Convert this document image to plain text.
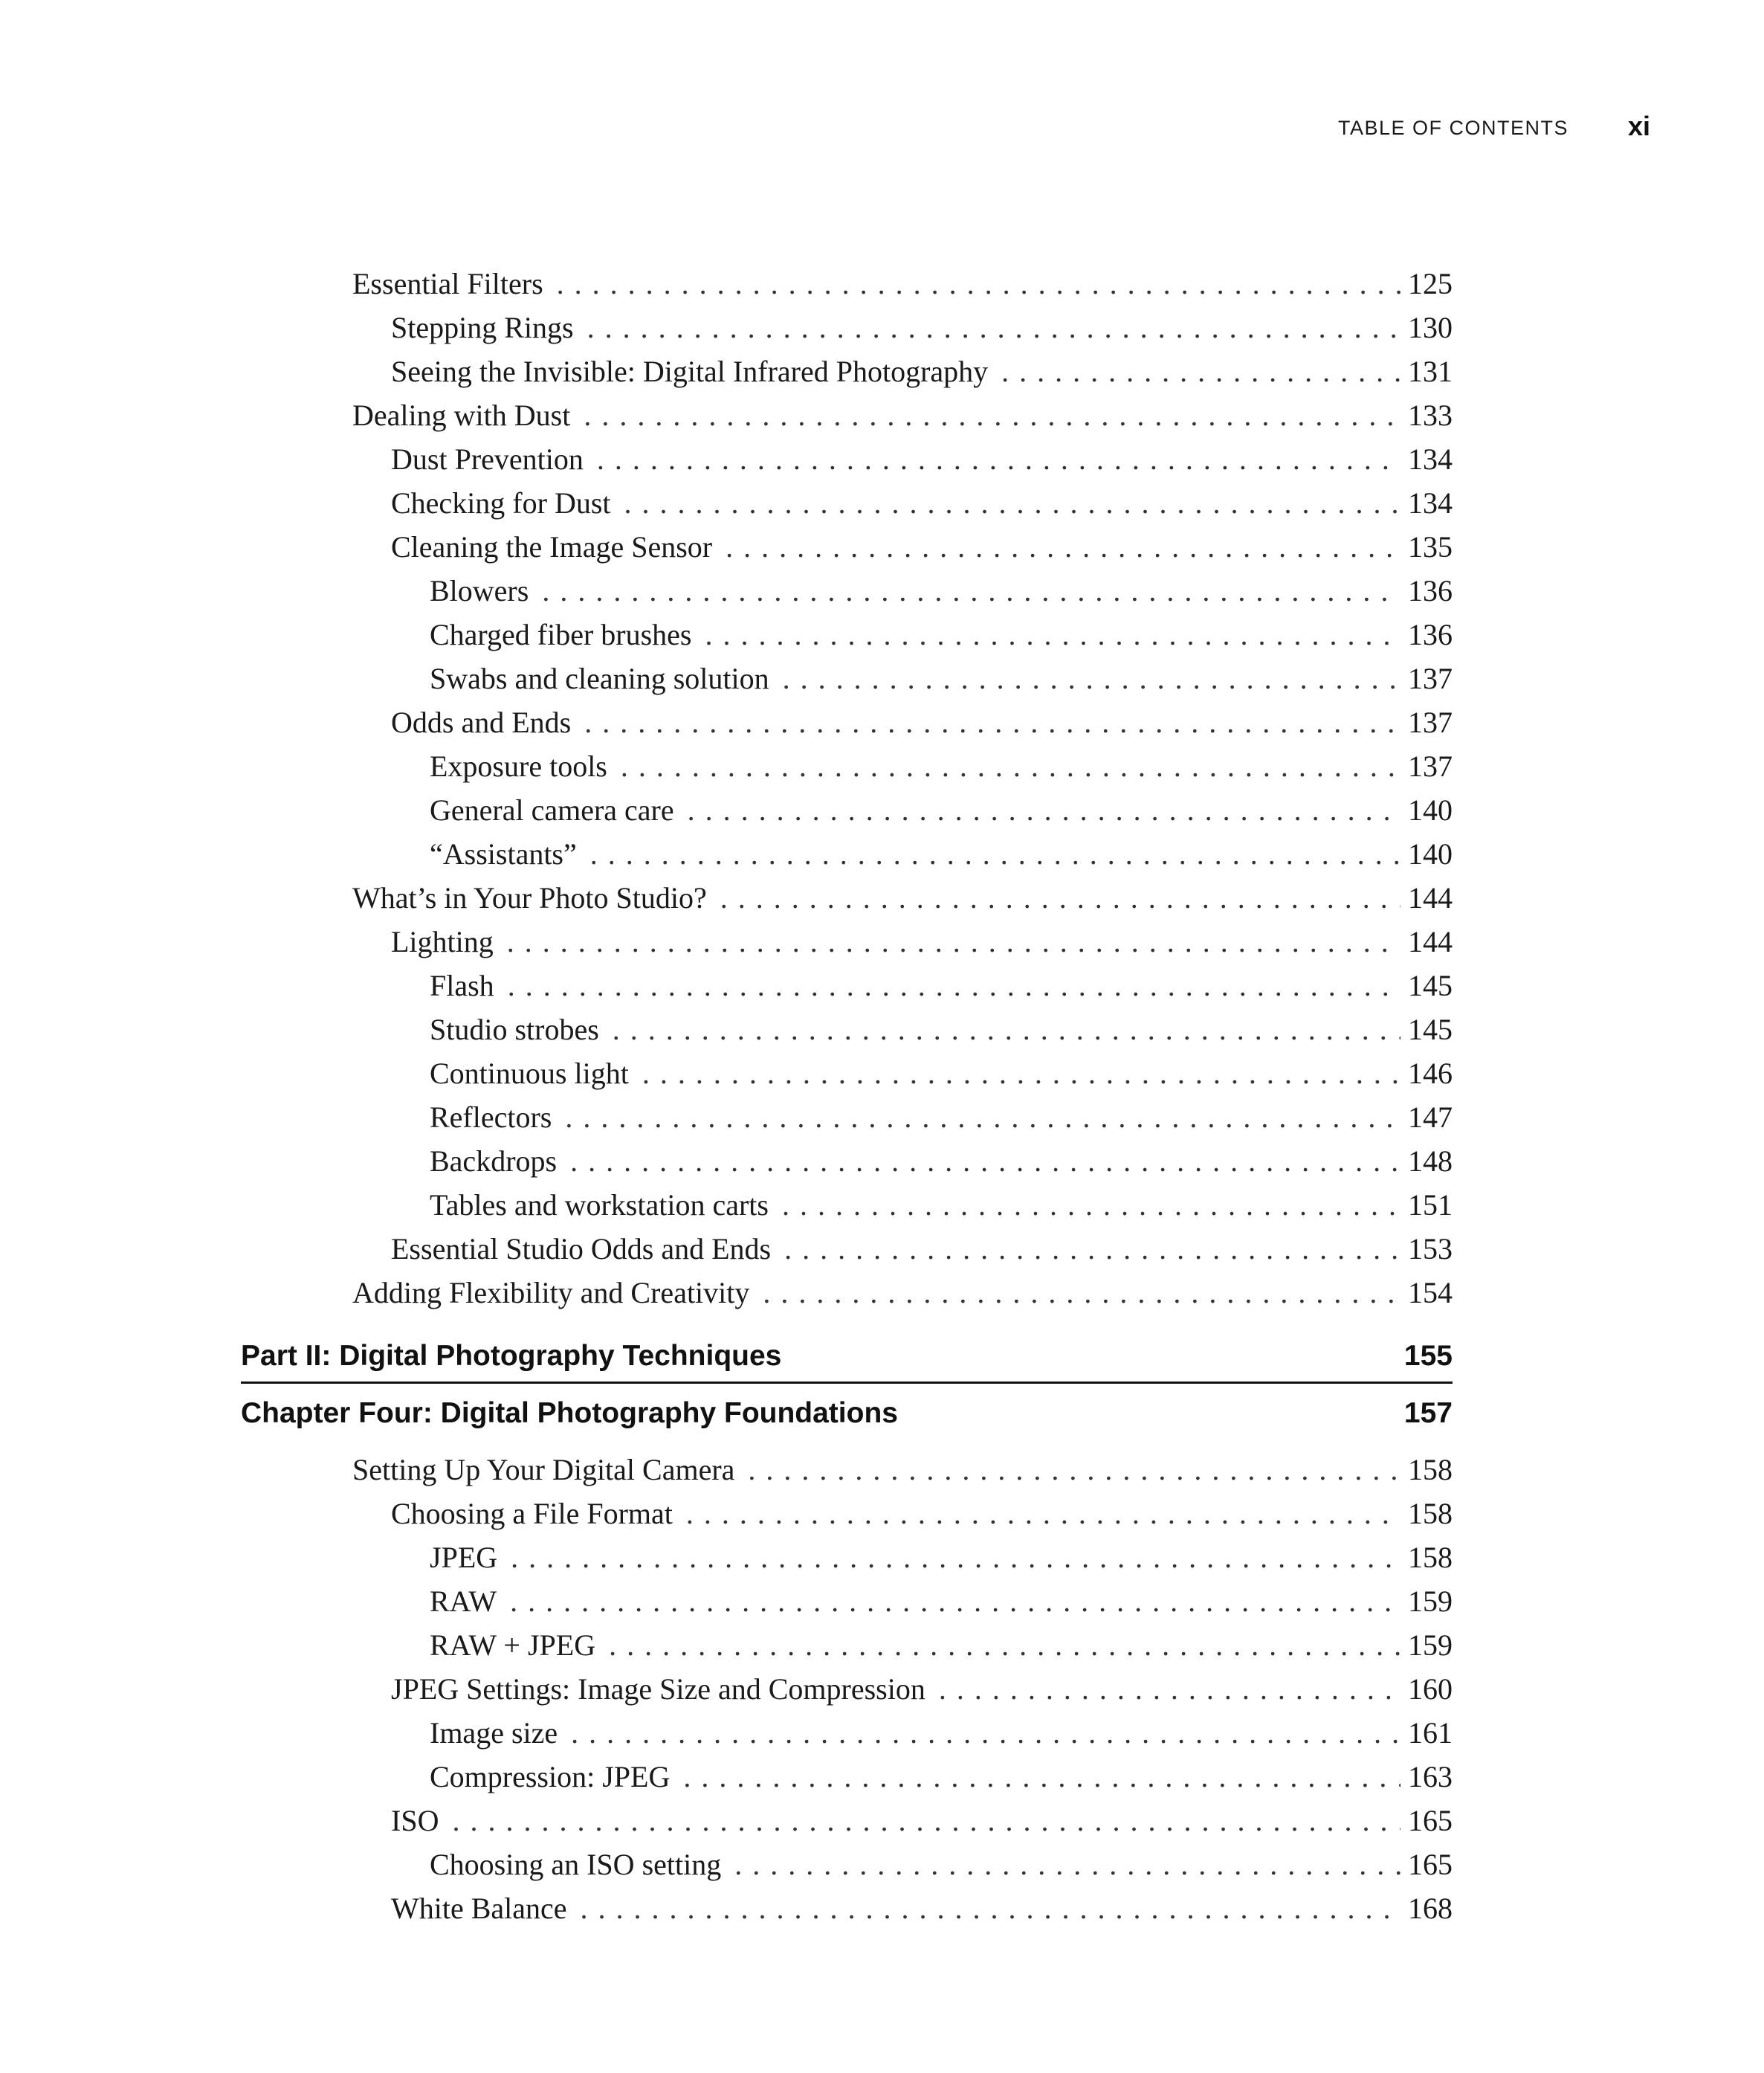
TABLE OF CONTENTS xi
Essential Filters . . .	125
Stepping Rings . . .	130
Seeing the Invisible: Digital Infrared Photography . . .	131
Dealing with Dust . . .	133
Dust Prevention . . .	134
Checking for Dust . . .	134
Cleaning the Image Sensor . . .	135
Blowers . . .	136
Charged fiber brushes . . .	136
Swabs and cleaning solution . . .	137
Odds and Ends . . .	137
Exposure tools . . .	137
General camera care . . .	140
“Assistants” . . .	140
What’s in Your Photo Studio? . . .	144
Lighting . . .	144
Flash . . .	145
Studio strobes . . .	145
Continuous light . . .	146
Reflectors . . .	147
Backdrops . . .	148
Tables and workstation carts . . .	151
Essential Studio Odds and Ends . . .	153
Adding Flexibility and Creativity . . .	154
Part II: Digital Photography Techniques	155
Chapter Four: Digital Photography Foundations	157
Setting Up Your Digital Camera . . .	158
Choosing a File Format . . .	158
JPEG . . .	158
RAW . . .	159
RAW + JPEG . . .	159
JPEG Settings: Image Size and Compression . . .	160
Image size . . .	161
Compression: JPEG . . .	163
ISO . . .	165
Choosing an ISO setting . . .	165
White Balance . . .	168
